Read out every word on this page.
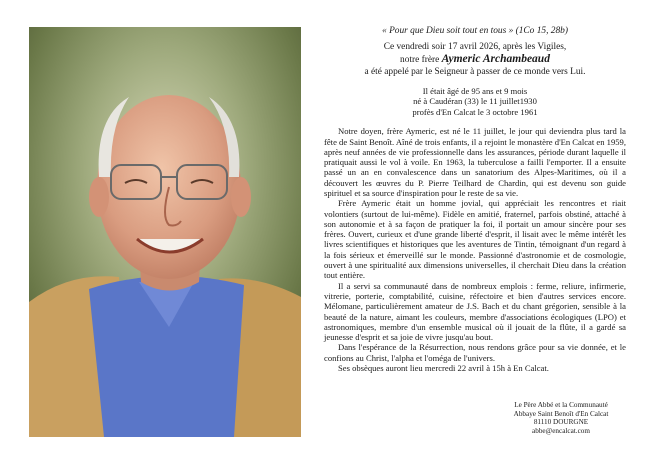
« Pour que Dieu soit tout en tous » (1Co 15, 28b)
Ce vendredi soir 17 avril 2026, après les Vigiles,
notre frère Aymeric Archambeaud
a été appelé par le Seigneur à passer de ce monde vers Lui.
Il était âgé de 95 ans et 9 mois
né à Caudéran (33) le 11 juillet1930
profès d'En Calcat le 3 octobre 1961

Notre doyen, frère Aymeric, est né le 11 juillet, le jour qui deviendra plus tard la fête de Saint Benoît. Aîné de trois enfants, il a rejoint le monastère d'En Calcat en 1959, après neuf années de vie professionnelle dans les assurances, période durant laquelle il pratiquait aussi le vol à voile. En 1963, la tuberculose a failli l'emporter. Il a ensuite passé un an en convalescence dans un sanatorium des Alpes-Maritimes, où il a découvert les œuvres du P. Pierre Teilhard de Chardin, qui est devenu son guide spirituel et sa source d'inspiration pour le reste de sa vie.

Frère Aymeric était un homme jovial, qui appréciait les rencontres et riait volontiers (surtout de lui-même). Fidèle en amitié, fraternel, parfois obstiné, attaché à son autonomie et à sa façon de pratiquer la foi, il portait un amour sincère pour ses frères. Ouvert, curieux et d'une grande liberté d'esprit, il lisait avec le même intérêt les livres scientifiques et historiques que les aventures de Tintin, témoignant d'un regard à la fois sérieux et émerveillé sur le monde. Passionné d'astronomie et de cosmologie, ouvert à une spiritualité aux dimensions universelles, il cherchait Dieu dans la création tout entière.

Il a servi sa communauté dans de nombreux emplois : ferme, reliure, infirmerie, vitrerie, porterie, comptabilité, cuisine, réfectoire et bien d'autres services encore. Mélomane, particulièrement amateur de J.S. Bach et du chant grégorien, sensible à la beauté de la nature, aimant les couleurs, membre d'associations écologiques (LPO) et astronomiques, membre d'un ensemble musical où il jouait de la flûte, il a gardé sa jeunesse d'esprit et sa joie de vivre jusqu'au bout.

Dans l'espérance de la Résurrection, nous rendons grâce pour sa vie donnée, et le confions au Christ, l'alpha et l'oméga de l'univers.

Ses obsèques auront lieu mercredi 22 avril à 15h à En Calcat.

Le Père Abbé et la Communauté
Abbaye Saint Benoît d'En Calcat
81110 DOURGNE
abbe@encalcat.com
